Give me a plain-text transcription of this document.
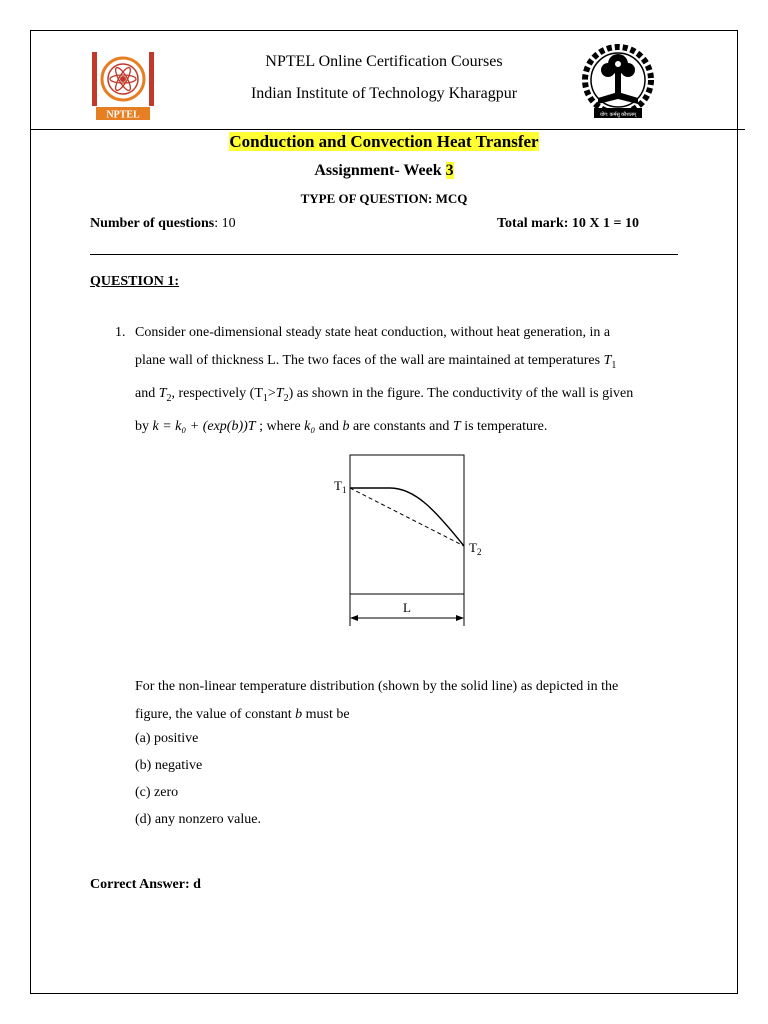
NPTEL	योग: कर्मसु कौशलम्
NPTEL Online Certification Courses
Indian Institute of Technology Kharagpur
Conduction and Convection Heat Transfer
Assignment- Week 3
TYPE OF QUESTION: MCQ
Number of questions: 10	Total mark: 10 X 1 = 10
QUESTION 1:
1. Consider one-dimensional steady state heat conduction, without heat generation, in a
plane wall of thickness L. The two faces of the wall are maintained at temperatures $T_1$
and $T_2$, respectively $(T_1>T_2)$ as shown in the figure. The conductivity of the wall is given
by k = k₀ + (exp(b))T ; where k₀ and b are constants and T is temperature.
$T_1$
$T_2$
L
For the non-linear temperature distribution (shown by the solid line) as depicted in the
figure, the value of constant b must be
(a) positive
(b) negative
(c) zero
(d) any nonzero value.
Correct Answer: d
